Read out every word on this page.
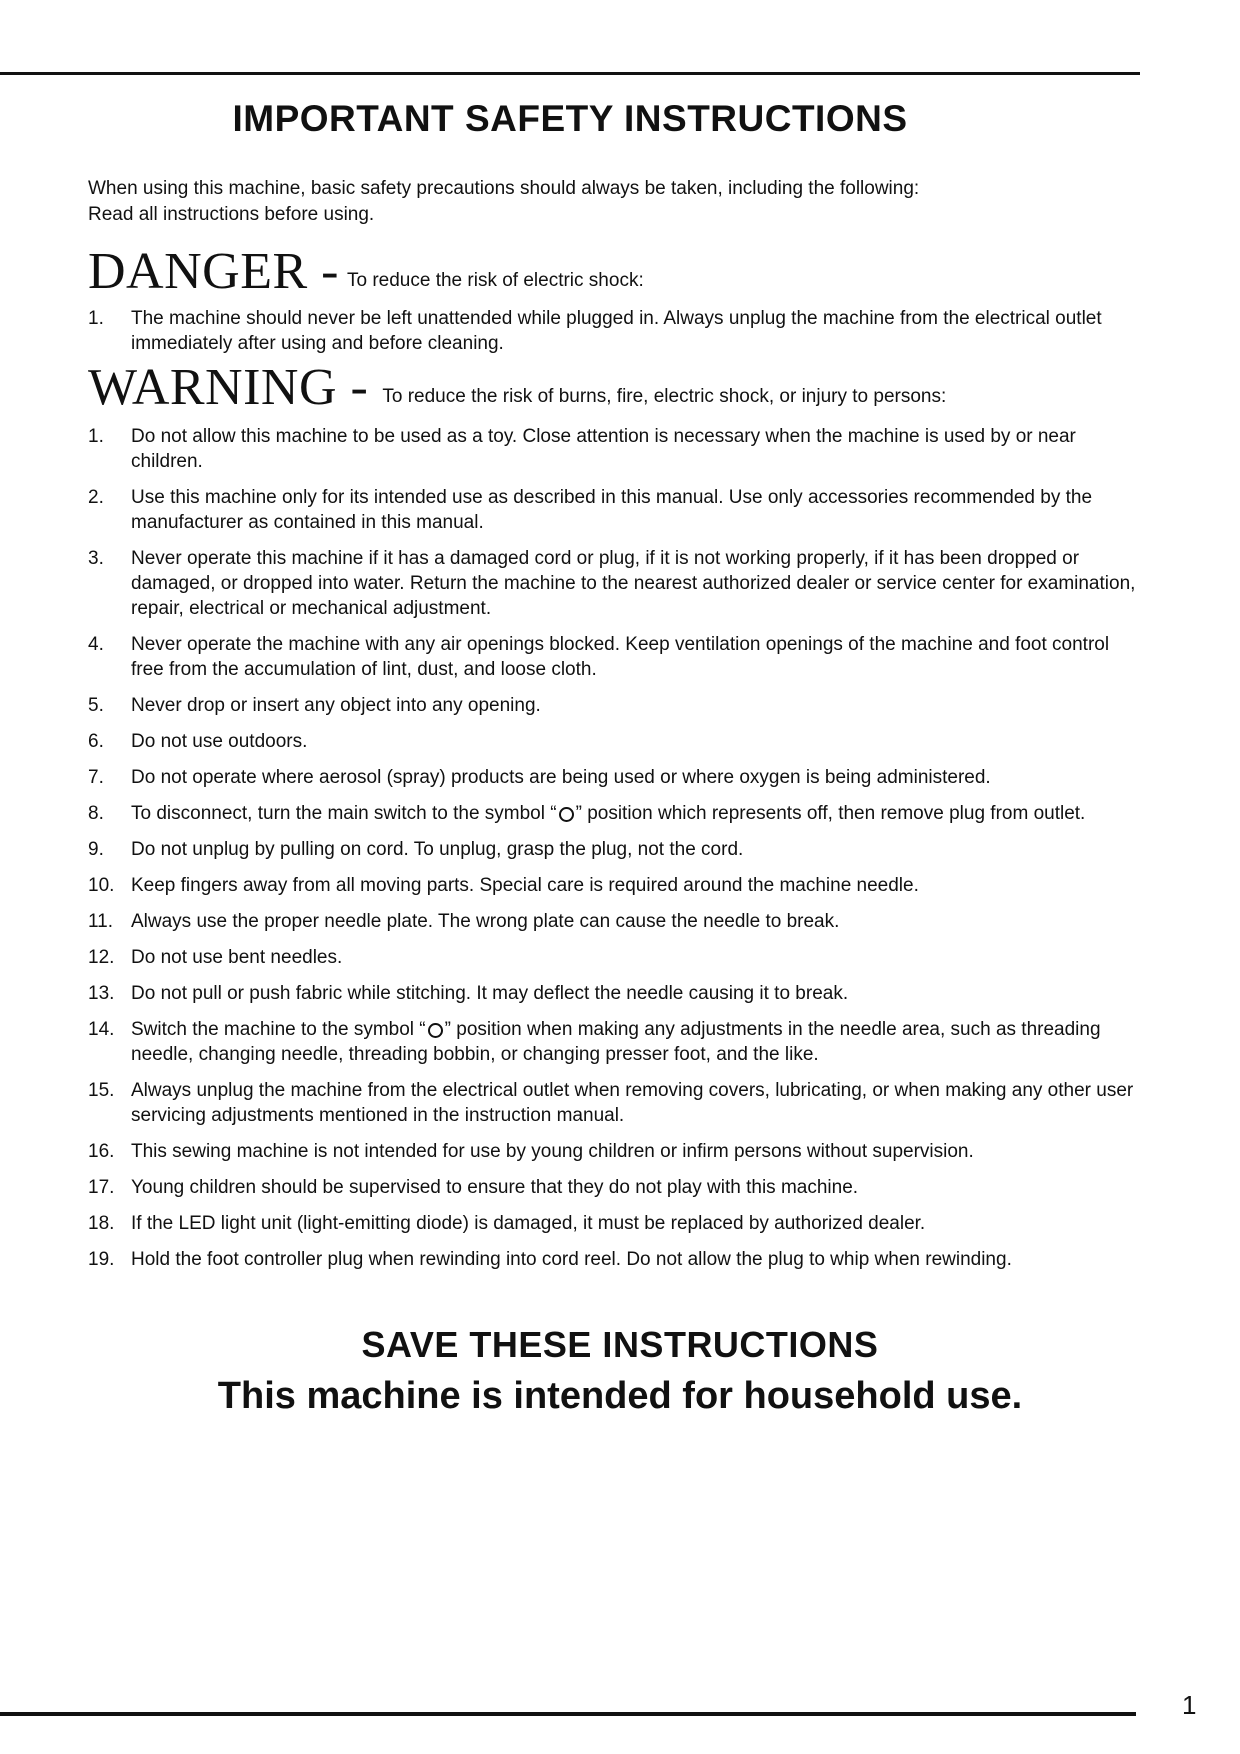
IMPORTANT SAFETY INSTRUCTIONS
When using this machine, basic safety precautions should always be taken, including the following:
Read all instructions before using.
DANGER - To reduce the risk of electric shock:
1.	The machine should never be left unattended while plugged in. Always unplug the machine from the electrical outlet immediately after using and before cleaning.
WARNING - To reduce the risk of burns, fire, electric shock, or injury to persons:
1.	Do not allow this machine to be used as a toy. Close attention is necessary when the machine is used by or near children.
2.	Use this machine only for its intended use as described in this manual. Use only accessories recommended by the manufacturer as contained in this manual.
3.	Never operate this machine if it has a damaged cord or plug, if it is not working properly, if it has been dropped or damaged, or dropped into water. Return the machine to the nearest authorized dealer or service center for examination, repair, electrical or mechanical adjustment.
4.	Never operate the machine with any air openings blocked. Keep ventilation openings of the machine and foot control free from the accumulation of lint, dust, and loose cloth.
5.	Never drop or insert any object into any opening.
6.	Do not use outdoors.
7.	Do not operate where aerosol (spray) products are being used or where oxygen is being administered.
8.	To disconnect, turn the main switch to the symbol “ ” position which represents off, then remove plug from outlet.
9.	Do not unplug by pulling on cord. To unplug, grasp the plug, not the cord.
10. Keep fingers away from all moving parts. Special care is required around the machine needle.
11. Always use the proper needle plate. The wrong plate can cause the needle to break.
12. Do not use bent needles.
13. Do not pull or push fabric while stitching. It may deflect the needle causing it to break.
14. Switch the machine to the symbol “ ” position when making any adjustments in the needle area, such as threading needle, changing needle, threading bobbin, or changing presser foot, and the like.
15. Always unplug the machine from the electrical outlet when removing covers, lubricating, or when making any other user servicing adjustments mentioned in the instruction manual.
16. This sewing machine is not intended for use by young children or infirm persons without supervision.
17. Young children should be supervised to ensure that they do not play with this machine.
18. If the LED light unit (light-emitting diode) is damaged, it must be replaced by authorized dealer.
19. Hold the foot controller plug when rewinding into cord reel. Do not allow the plug to whip when rewinding.
SAVE THESE INSTRUCTIONS
This machine is intended for household use.
1
